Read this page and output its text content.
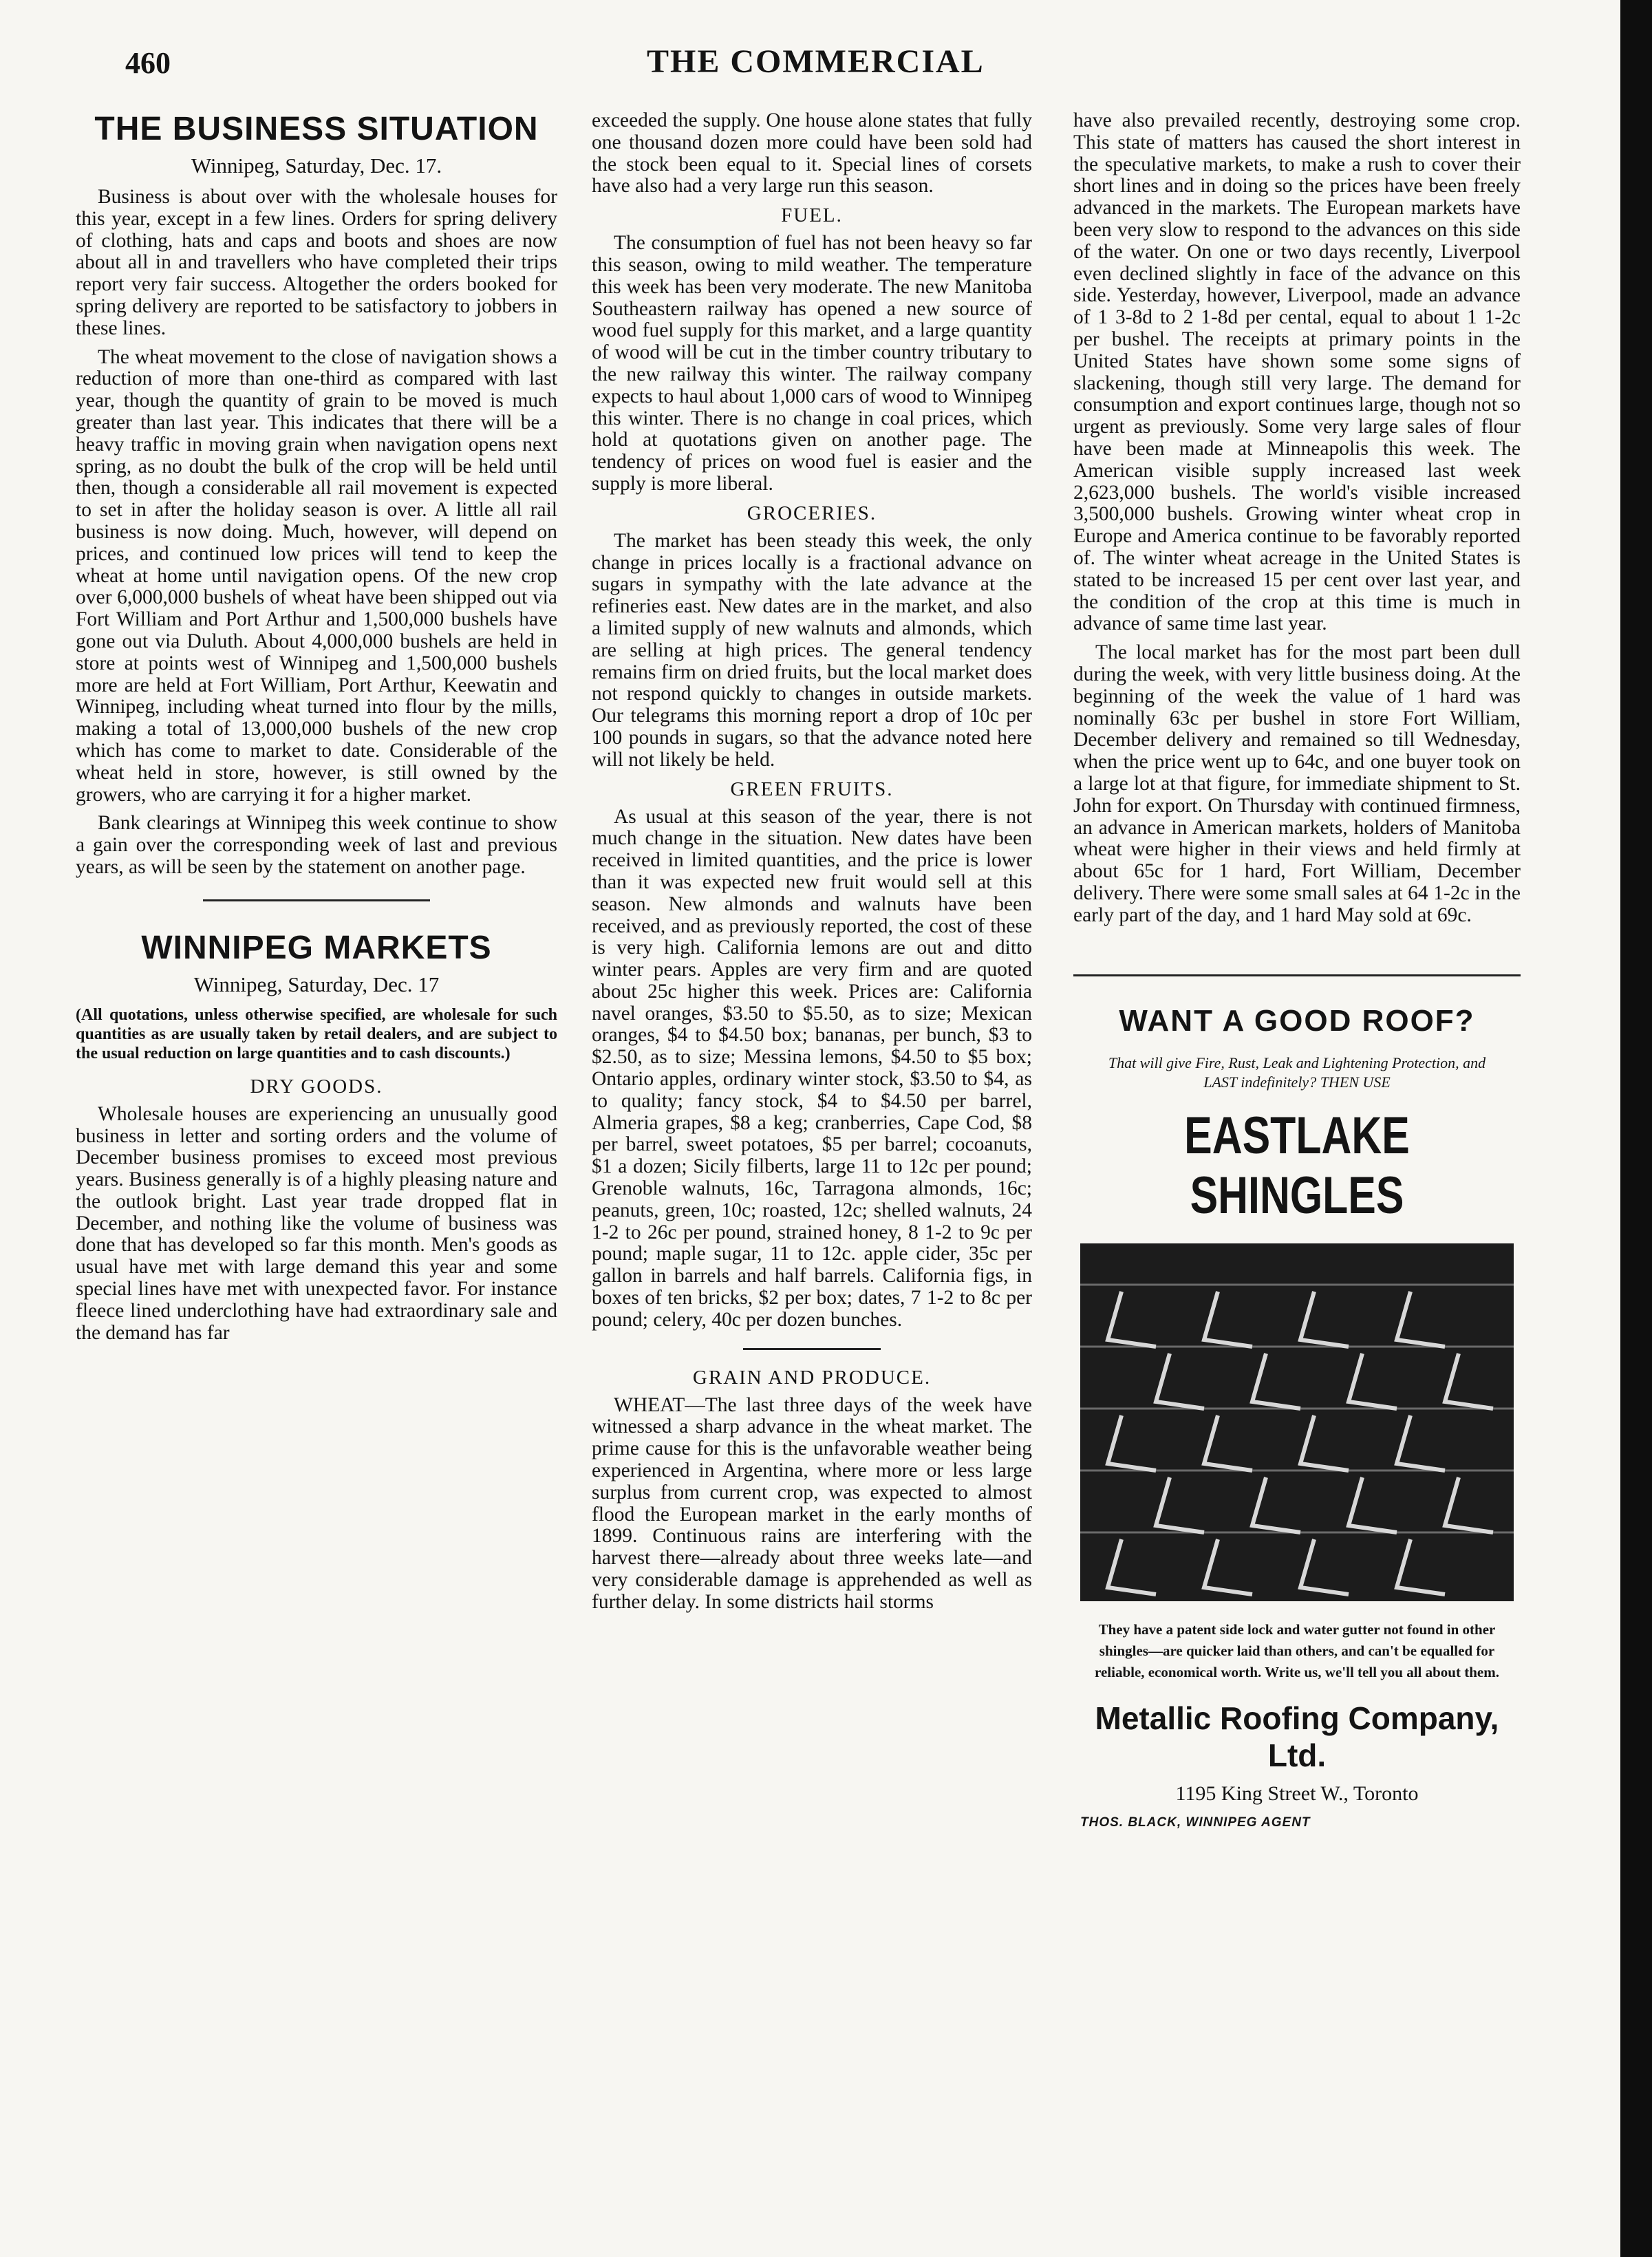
460	THE COMMERCIAL
THE BUSINESS SITUATION
Winnipeg, Saturday, Dec. 17.

Business is about over with the wholesale houses for this year, except in a few lines. Orders for spring delivery of clothing, hats and caps and boots and shoes are now about all in and travellers who have completed their trips report very fair success. Altogether the orders booked for spring delivery are reported to be satisfactory to jobbers in these lines.

The wheat movement to the close of navigation shows a reduction of more than one-third as compared with last year, though the quantity of grain to be moved is much greater than last year. This indicates that there will be a heavy traffic in moving grain when navigation opens next spring, as no doubt the bulk of the crop will be held until then, though a considerable all rail movement is expected to set in after the holiday season is over. A little all rail business is now doing. Much, however, will depend on prices, and continued low prices will tend to keep the wheat at home until navigation opens. Of the new crop over 6,000,000 bushels of wheat have been shipped out via Fort William and Port Arthur and 1,500,000 bushels have gone out via Duluth. About 4,000,000 bushels are held in store at points west of Winnipeg and 1,500,000 bushels more are held at Fort William, Port Arthur, Keewatin and Winnipeg, including wheat turned into flour by the mills, making a total of 13,000,000 bushels of the new crop which has come to market to date. Considerable of the wheat held in store, however, is still owned by the growers, who are carrying it for a higher market.

Bank clearings at Winnipeg this week continue to show a gain over the corresponding week of last and previous years, as will be seen by the statement on another page.

WINNIPEG MARKETS
Winnipeg, Saturday, Dec. 17

(All quotations, unless otherwise specified, are wholesale for such quantities as are usually taken by retail dealers, and are subject to the usual reduction on large quantities and to cash discounts.)

DRY GOODS.

Wholesale houses are experiencing an unusually good business in letter and sorting orders and the volume of December business promises to exceed most previous years. Business generally is of a highly pleasing nature and the outlook bright. Last year trade dropped flat in December, and nothing like the volume of business was done that has developed so far this month. Men's goods as usual have met with large demand this year and some special lines have met with unexpected favor. For instance fleece lined underclothing have had extraordinary sale and the demand has far

exceeded the supply. One house alone states that fully one thousand dozen more could have been sold had the stock been equal to it. Special lines of corsets have also had a very large run this season.

FUEL.

The consumption of fuel has not been heavy so far this season, owing to mild weather. The temperature this week has been very moderate. The new Manitoba Southeastern railway has opened a new source of wood fuel supply for this market, and a large quantity of wood will be cut in the timber country tributary to the new railway this winter. The railway company expects to haul about 1,000 cars of wood to Winnipeg this winter. There is no change in coal prices, which hold at quotations given on another page. The tendency of prices on wood fuel is easier and the supply is more liberal.

GROCERIES.

The market has been steady this week, the only change in prices locally is a fractional advance on sugars in sympathy with the late advance at the refineries east. New dates are in the market, and also a limited supply of new walnuts and almonds, which are selling at high prices. The general tendency remains firm on dried fruits, but the local market does not respond quickly to changes in outside markets. Our telegrams this morning report a drop of 10c per 100 pounds in sugars, so that the advance noted here will not likely be held.

GREEN FRUITS.

As usual at this season of the year, there is not much change in the situation. New dates have been received in limited quantities, and the price is lower than it was expected new fruit would sell at this season. New almonds and walnuts have been received, and as previously reported, the cost of these is very high. California lemons are out and ditto winter pears. Apples are very firm and are quoted about 25c higher this week. Prices are: California navel oranges, $3.50 to $5.50, as to size; Mexican oranges, $4 to $4.50 box; bananas, per bunch, $3 to $2.50, as to size; Messina lemons, $4.50 to $5 box; Ontario apples, ordinary winter stock, $3.50 to $4, as to quality; fancy stock, $4 to $4.50 per barrel, Almeria grapes, $8 a keg; cranberries, Cape Cod, $8 per barrel, sweet potatoes, $5 per barrel; cocoanuts, $1 a dozen; Sicily filberts, large 11 to 12c per pound; Grenoble walnuts, 16c, Tarragona almonds, 16c; peanuts, green, 10c; roasted, 12c; shelled walnuts, 24 1-2 to 26c per pound, strained honey, 8 1-2 to 9c per pound; maple sugar, 11 to 12c. apple cider, 35c per gallon in barrels and half barrels. California figs, in boxes of ten bricks, $2 per box; dates, 7 1-2 to 8c per pound; celery, 40c per dozen bunches.

GRAIN AND PRODUCE.

WHEAT—The last three days of the week have witnessed a sharp advance in the wheat market. The prime cause for this is the unfavorable weather being experienced in Argentina, where more or less large surplus from current crop, was expected to almost flood the European market in the early months of 1899. Continuous rains are interfering with the harvest there—already about three weeks late—and very considerable damage is apprehended as well as further delay. In some districts hail storms

have also prevailed recently, destroying some crop. This state of matters has caused the short interest in the speculative markets, to make a rush to cover their short lines and in doing so the prices have been freely advanced in the markets. The European markets have been very slow to respond to the advances on this side of the water. On one or two days recently, Liverpool even declined slightly in face of the advance on this side. Yesterday, however, Liverpool, made an advance of 1 3-8d to 2 1-8d per cental, equal to about 1 1-2c per bushel. The receipts at primary points in the United States have shown some some signs of slackening, though still very large. The demand for consumption and export continues large, though not so urgent as previously. Some very large sales of flour have been made at Minneapolis this week. The American visible supply increased last week 2,623,000 bushels. The world's visible increased 3,500,000 bushels. Growing winter wheat crop in Europe and America continue to be favorably reported of. The winter wheat acreage in the United States is stated to be increased 15 per cent over last year, and the condition of the crop at this time is much in advance of same time last year.

The local market has for the most part been dull during the week, with very little business doing. At the beginning of the week the value of 1 hard was nominally 63c per bushel in store Fort William, December delivery and remained so till Wednesday, when the price went up to 64c, and one buyer took on a large lot at that figure, for immediate shipment to St. John for export. On Thursday with continued firmness, an advance in American markets, holders of Manitoba wheat were higher in their views and held firmly at about 65c for 1 hard, Fort William, December delivery. There were some small sales at 64 1-2c in the early part of the day, and 1 hard May sold at 69c.

WANT A GOOD ROOF?
That will give Fire, Rust, Leak and Lightening Protection, and LAST indefinitely? THEN USE
EASTLAKE SHINGLES
They have a patent side lock and water gutter not found in other shingles—are quicker laid than others, and can't be equalled for reliable, economical worth. Write us, we'll tell you all about them.
Metallic Roofing Company, Ltd.
1195 King Street W., Toronto
THOS. BLACK, WINNIPEG AGENT
